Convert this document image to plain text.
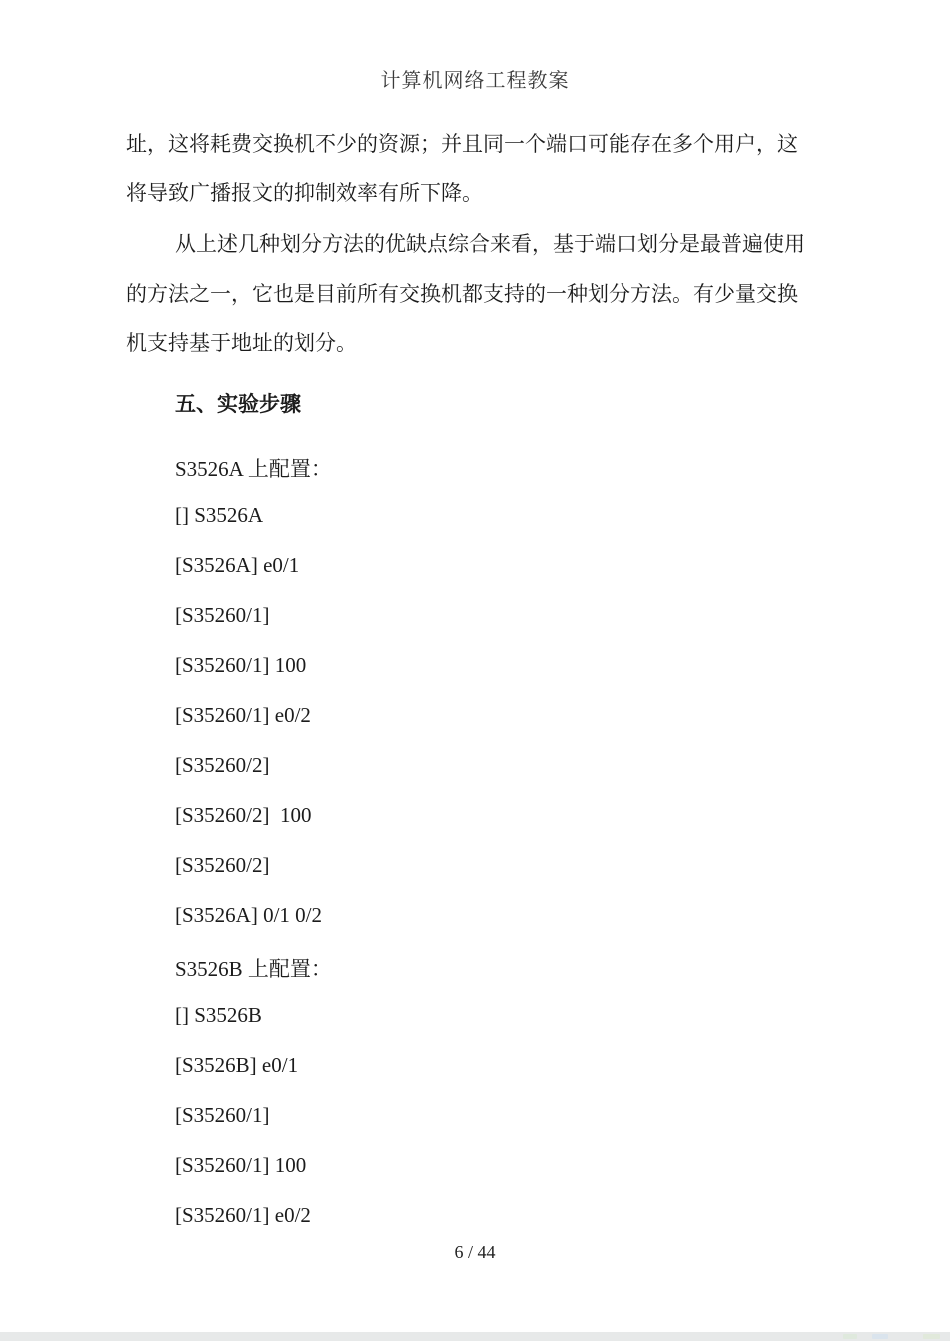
计算机网络工程教案
址，这将耗费交换机不少的资源；并且同一个端口可能存在多个用户，这
将导致广播报文的抑制效率有所下降。
从上述几种划分方法的优缺点综合来看，基于端口划分是最普遍使用
的方法之一，它也是目前所有交换机都支持的一种划分方法。有少量交换
机支持基于地址的划分。
五、实验步骤
S3526A 上配置：
[] S3526A
[S3526A] e0/1
[S35260/1]
[S35260/1] 100
[S35260/1] e0/2
[S35260/2]
[S35260/2]  100
[S35260/2]
[S3526A] 0/1 0/2
S3526B 上配置：
[] S3526B
[S3526B] e0/1
[S35260/1]
[S35260/1] 100
[S35260/1] e0/2
6 / 44
